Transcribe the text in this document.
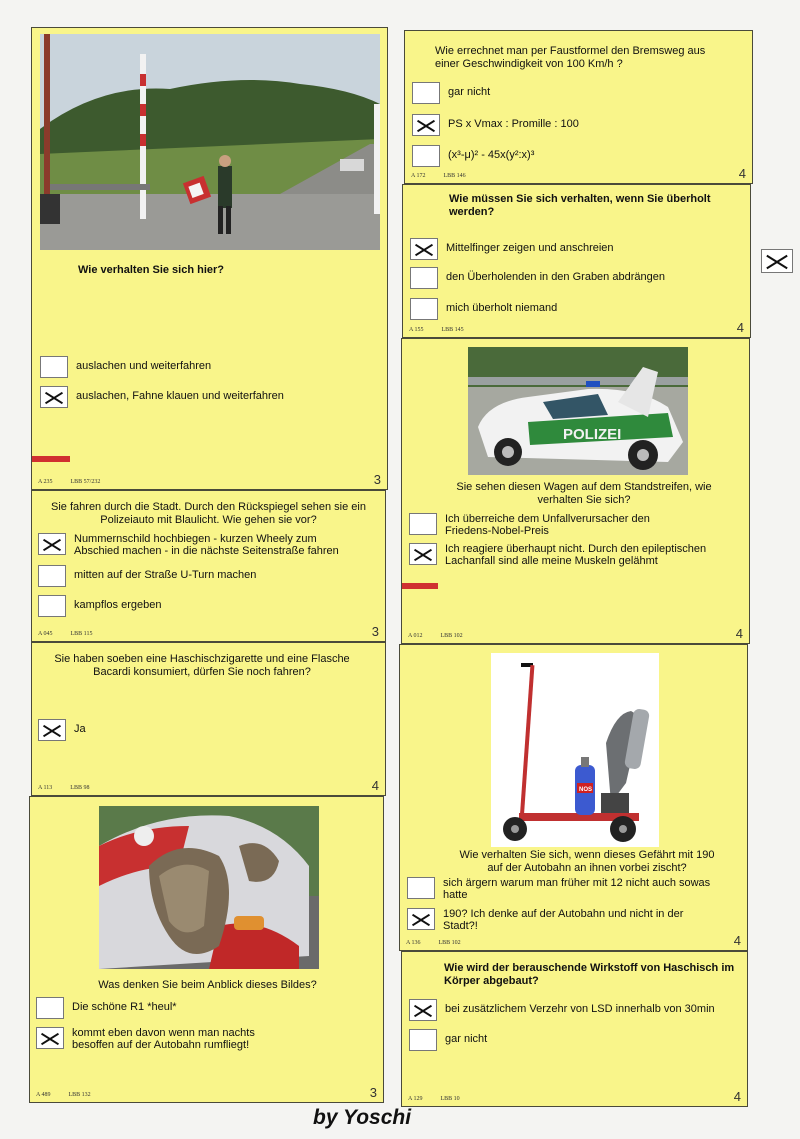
Wie verhalten Sie sich hier?
auslachen und weiterfahren
auslachen, Fahne klauen und weiterfahren
A 235	LBB 57/232	3
Sie fahren durch die Stadt. Durch den Rückspiegel sehen sie ein Polizeiauto mit Blaulicht. Wie gehen sie vor?
Nummernschild hochbiegen - kurzen Wheely zum Abschied machen - in die nächste Seitenstraße fahren
mitten auf der Straße U-Turn machen
kampflos ergeben
A 045	LBB 115	3
Sie haben soeben eine Haschischzigarette und eine Flasche Bacardi konsumiert, dürfen Sie noch fahren?
Ja
A 113	LBB 98	4
Was denken Sie beim Anblick dieses Bildes?
Die schöne R1 *heul*
kommt eben davon wenn man nachts besoffen auf der Autobahn rumfliegt!
A 489	LBB 132	3
Wie errechnet man per Faustformel den Bremsweg aus einer Geschwindigkeit von 100 Km/h ?
gar nicht
PS x Vmax : Promille : 100
(x³-μ)² - 45x(y²:x)³
A 172	LBB 146	4
Wie müssen Sie sich verhalten, wenn Sie überholt werden?
Mittelfinger zeigen und anschreien
den Überholenden in den Graben abdrängen
mich überholt niemand
A 155	LBB 145	4
POLIZEI
Sie sehen diesen Wagen auf dem Standstreifen, wie verhalten Sie sich?
Ich überreiche dem Unfallverursacher den Friedens-Nobel-Preis
Ich reagiere überhaupt nicht. Durch den epileptischen Lachanfall sind alle meine Muskeln gelähmt
A 012	LBB 102	4
NOS
Wie verhalten Sie sich, wenn dieses Gefährt mit 190 auf der Autobahn an ihnen vorbei zischt?
sich ärgern warum man früher mit 12 nicht auch sowas hatte
190? Ich denke auf der Autobahn und nicht in der Stadt?!
A 136	LBB 102	4
Wie wird der berauschende Wirkstoff von Haschisch im Körper abgebaut?
bei zusätzlichem Verzehr von LSD innerhalb von 30min
gar nicht
A 129	LBB 10	4
by Yoschi
